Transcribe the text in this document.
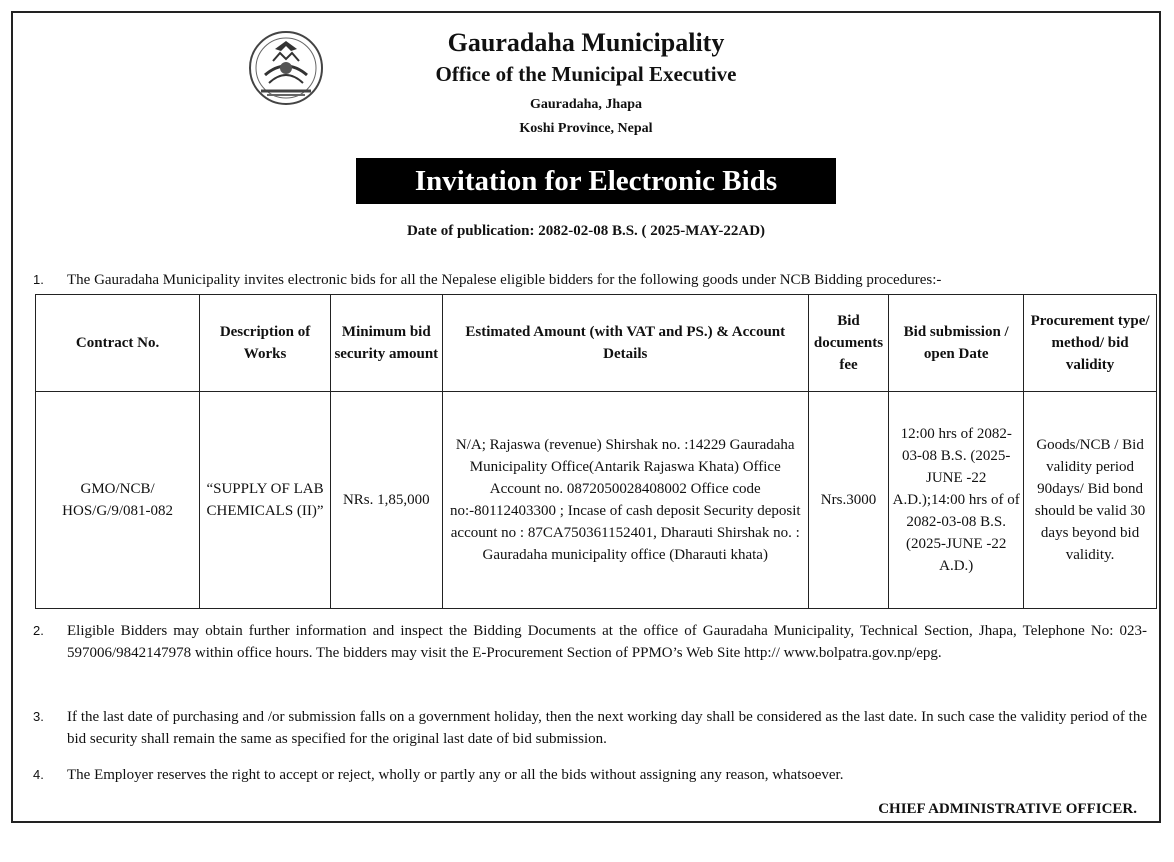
Gauradaha Municipality
Office of the Municipal Executive
Gauradaha, Jhapa
Koshi Province, Nepal
Invitation for Electronic Bids
Date of publication: 2082-02-08 B.S. ( 2025-MAY-22AD)
1. The Gauradaha Municipality invites electronic bids for all the Nepalese eligible bidders for the following goods under NCB Bidding procedures:-
Contract No.	Description of Works	Minimum bid security amount	Estimated Amount (with VAT and PS.) & Account Details	Bid documents fee	Bid submission / open Date	Procurement type/ method/ bid validity
GMO/NCB/ HOS/G/9/081-082	“SUPPLY OF LAB CHEMICALS (II)”	NRs. 1,85,000	N/A; Rajaswa (revenue) Shirshak no. :14229 Gauradaha Municipality Office(Antarik Rajaswa Khata) Office Account no. 0872050028408002 Office code no:-80112403300 ; Incase of cash deposit Security deposit account no : 87CA750361152401, Dharauti Shirshak no. : Gauradaha municipality office (Dharauti khata)	Nrs.3000	12:00 hrs of 2082-03-08 B.S. (2025-JUNE -22 A.D.);14:00 hrs of of 2082-03-08 B.S.(2025-JUNE -22 A.D.)	Goods/NCB / Bid validity period 90days/ Bid bond should be valid 30 days beyond bid validity.
2. Eligible Bidders may obtain further information and inspect the Bidding Documents at the office of Gauradaha Municipality, Technical Section, Jhapa, Telephone No: 023-597006/9842147978 within office hours. The bidders may visit the E-Procurement Section of PPMO’s Web Site http:// www.bolpatra.gov.np/epg.
3. If the last date of purchasing and /or submission falls on a government holiday, then the next working day shall be considered as the last date. In such case the validity period of the bid security shall remain the same as specified for the original last date of bid submission.
4. The Employer reserves the right to accept or reject, wholly or partly any or all the bids without assigning any reason, whatsoever.
CHIEF ADMINISTRATIVE OFFICER.
